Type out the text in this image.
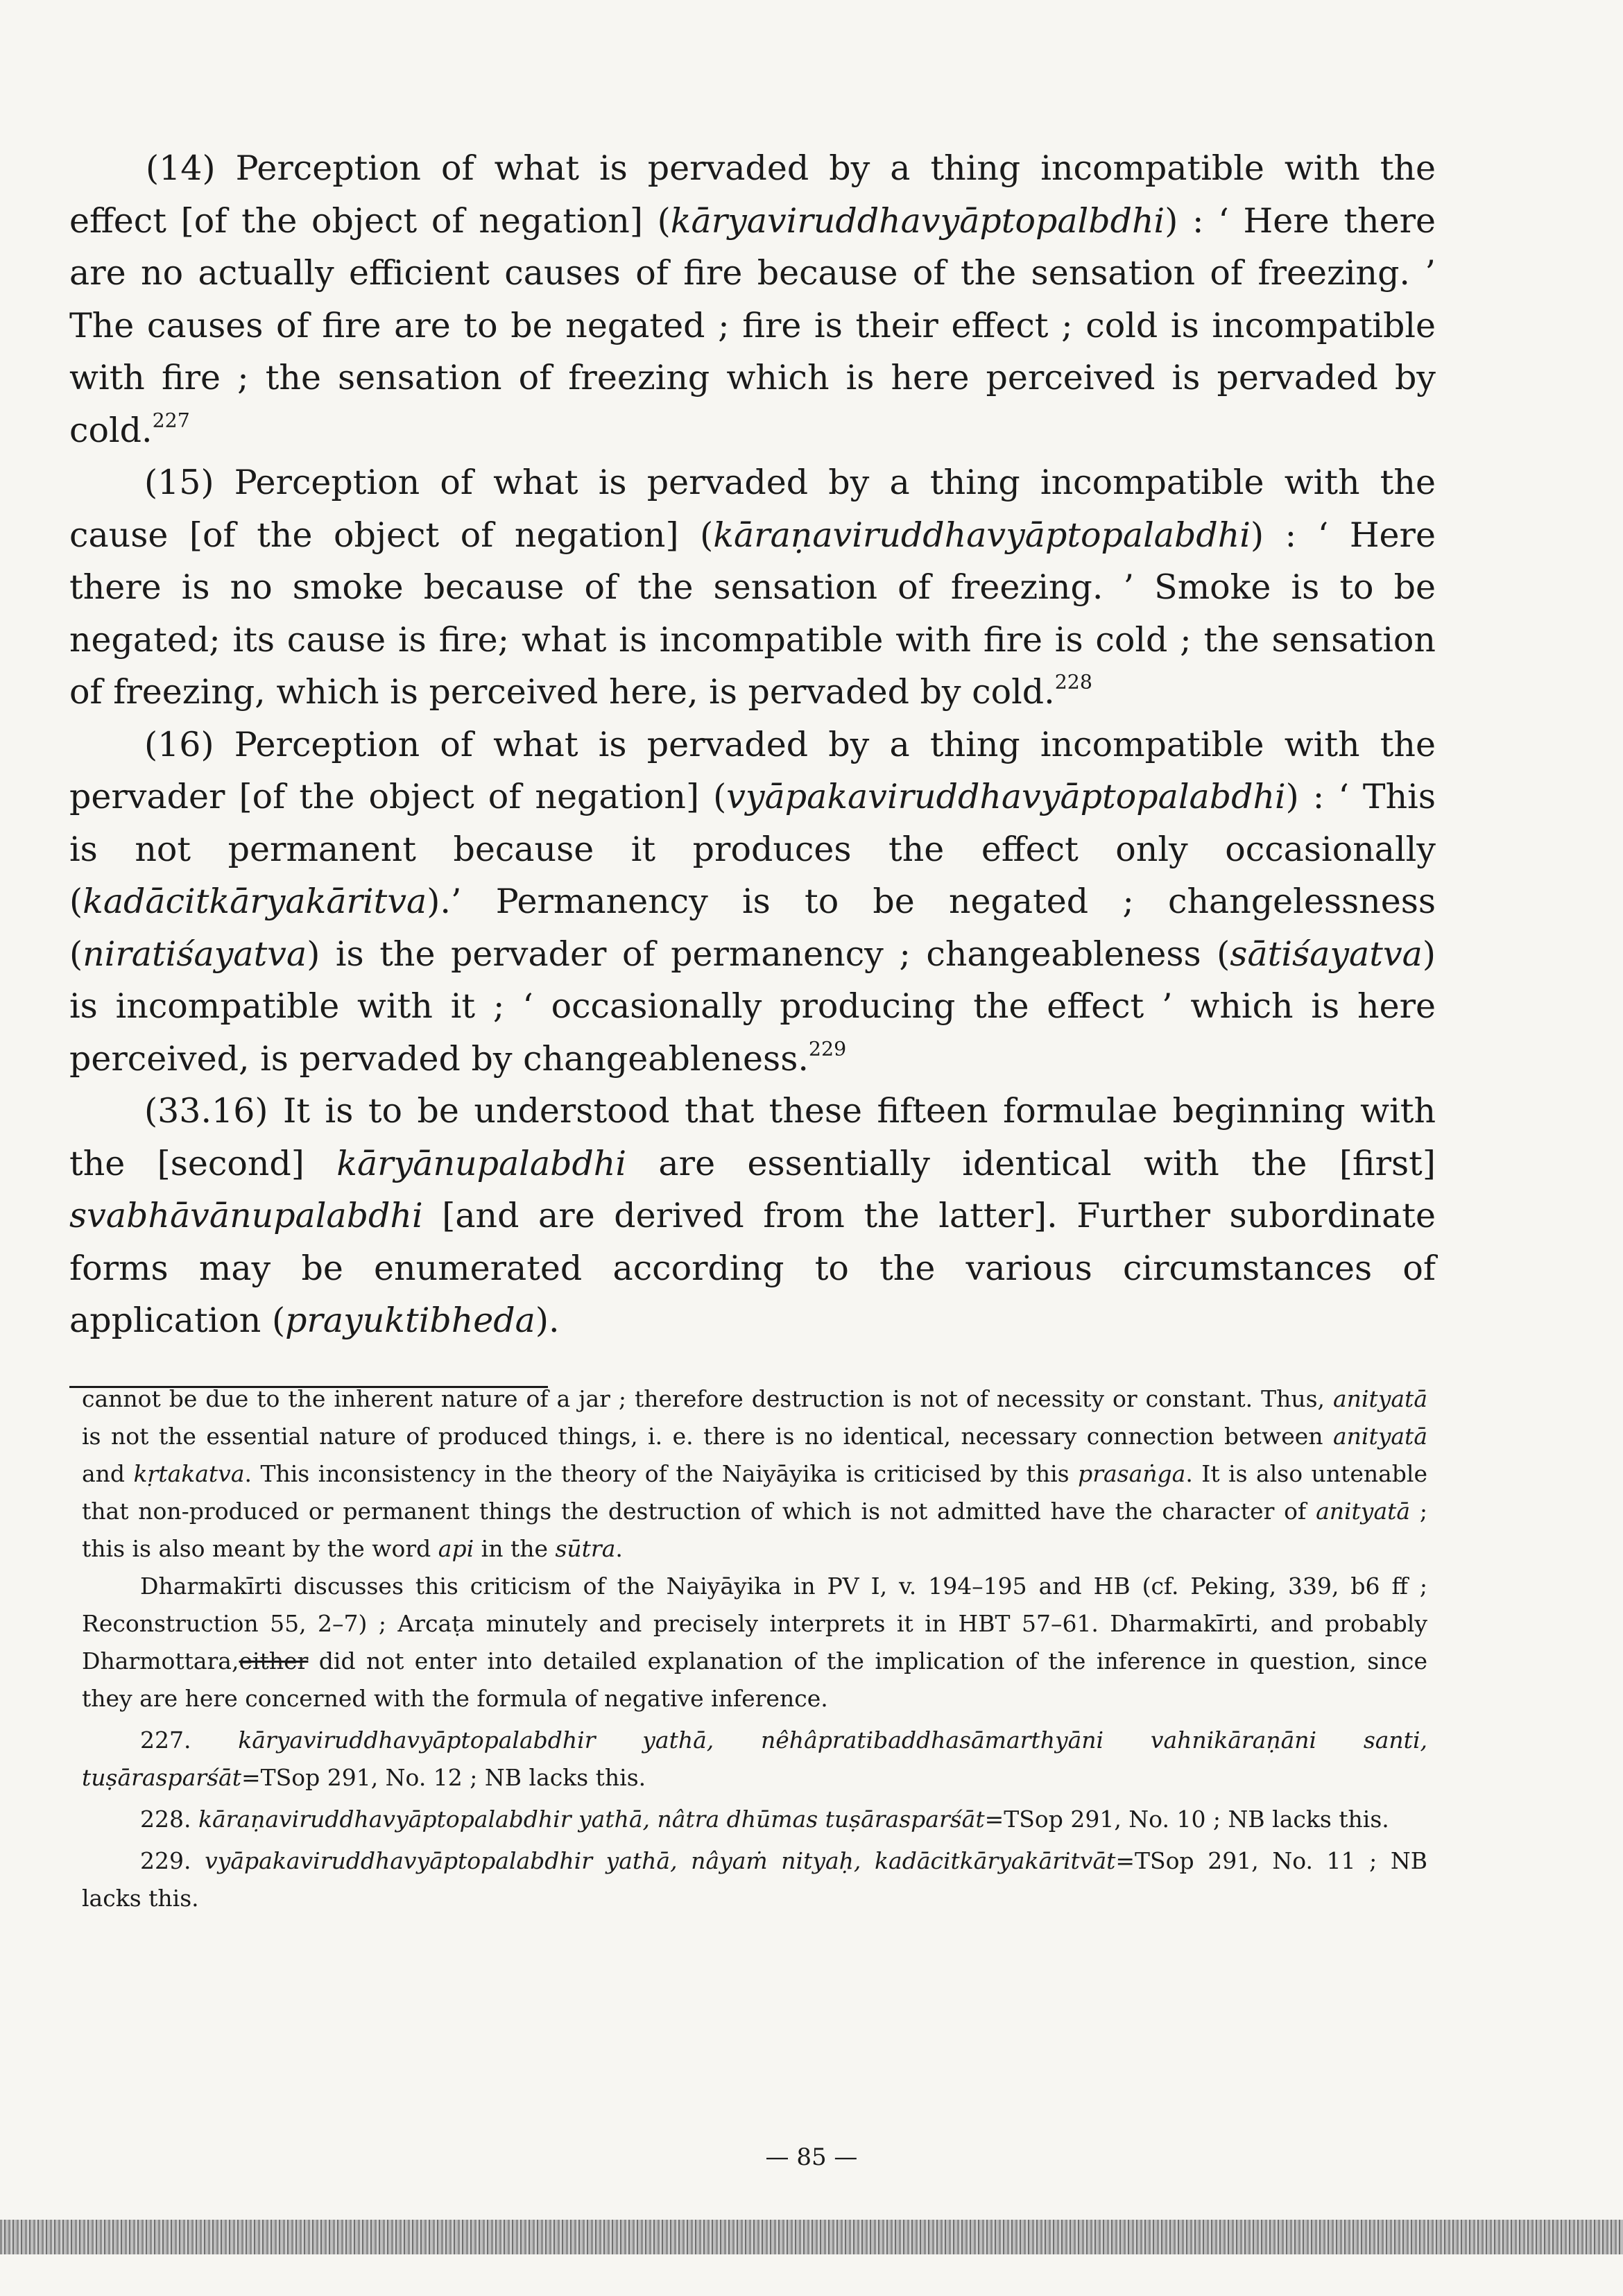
(14) Perception of what is pervaded by a thing incompatible with the effect [of the object of negation] (kāryaviruddhavyāptopalbdhi) : ‘ Here there are no actually efficient causes of fire because of the sensation of freezing. ’ The causes of fire are to be negated ; fire is their effect ; cold is incompatible with fire ; the sensation of freezing which is here perceived is pervaded by cold.$^{227}$

(15) Perception of what is pervaded by a thing incompatible with the cause [of the object of negation] (kāraṇaviruddhavyāptopalabdhi) : ‘ Here there is no smoke because of the sensation of freezing. ’ Smoke is to be negated; its cause is fire; what is incompatible with fire is cold ; the sensation of freezing, which is perceived here, is pervaded by cold.$^{228}$

(16) Perception of what is pervaded by a thing incompatible with the pervader [of the object of negation] (vyāpakaviruddhavyāptopalabdhi) : ‘ This is not permanent because it produces the effect only occasionally (kadācitkāryakāritva).’ Permanency is to be negated ; changelessness (niratiśayatva) is the pervader of permanency ; changeableness (sātiśayatva) is incompatible with it ; ‘ occasionally producing the effect ’ which is here perceived, is pervaded by changeableness.$^{229}$

(33.16) It is to be understood that these fifteen formulae beginning with the [second] kāryānupalabdhi are essentially identical with the [first] svabhāvānupalabdhi [and are derived from the latter]. Further subordinate forms may be enumerated according to the various circumstances of application (prayuktibheda).

cannot be due to the inherent nature of a jar ; therefore destruction is not of necessity or constant. Thus, anityatā is not the essential nature of produced things, i. e. there is no identical, necessary connection between anityatā and kṛtakatva. This inconsistency in the theory of the Naiyāyika is criticised by this prasaṅga. It is also untenable that non-produced or permanent things the destruction of which is not admitted have the character of anityatā ; this is also meant by the word api in the sūtra.

Dharmakīrti discusses this criticism of the Naiyāyika in PV I, v. 194–195 and HB (cf. Peking, 339, b6 ff ; Reconstruction 55, 2–7) ; Arcaṭa minutely and precisely interprets it in HBT 57–61. Dharmakīrti, and probably Dharmottara,either did not enter into detailed explanation of the implication of the inference in question, since they are here concerned with the formula of negative inference.

227. kāryaviruddhavyāptopalabdhir yathā, nêhâpratibaddhasāmarthyāni vahnikāraṇāni santi, tuṣārasparśāt=TSop 291, No. 12 ; NB lacks this.

228. kāraṇaviruddhavyāptopalabdhir yathā, nâtra dhūmas tuṣārasparśāt=TSop 291, No. 10 ; NB lacks this.

229. vyāpakaviruddhavyāptopalabdhir yathā, nâyaṁ nityaḥ, kadācitkāryakāritvāt=TSop 291, No. 11 ; NB lacks this.

— 85 —
